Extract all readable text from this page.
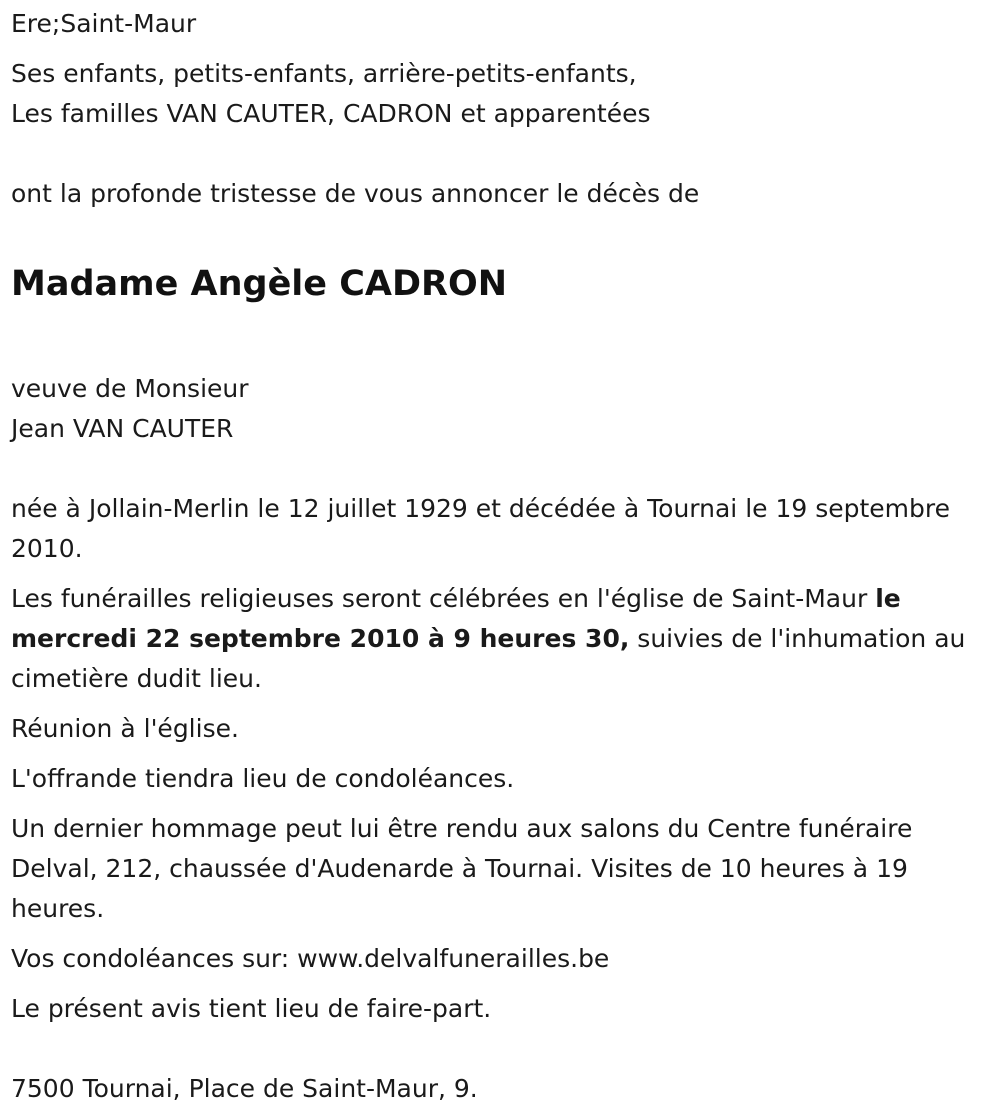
Ere;Saint-Maur

Ses enfants, petits-enfants, arrière-petits-enfants,

Les familles VAN CAUTER, CADRON et apparentées

ont la profonde tristesse de vous annoncer le décès de

Madame Angèle CADRON

veuve de Monsieur

Jean VAN CAUTER

née à Jollain-Merlin le 12 juillet 1929 et décédée à Tournai le 19 septembre 2010.

Les funérailles religieuses seront célébrées en l'église de Saint-Maur le mercredi 22 septembre 2010 à 9 heures 30, suivies de l'inhumation au cimetière dudit lieu.

Réunion à l'église.

L'offrande tiendra lieu de condoléances.

Un dernier hommage peut lui être rendu aux salons du Centre funéraire Delval, 212, chaussée d'Audenarde à Tournai. Visites de 10 heures à 19 heures.

Vos condoléances sur: www.delvalfunerailles.be

Le présent avis tient lieu de faire-part.

7500 Tournai, Place de Saint-Maur, 9.
